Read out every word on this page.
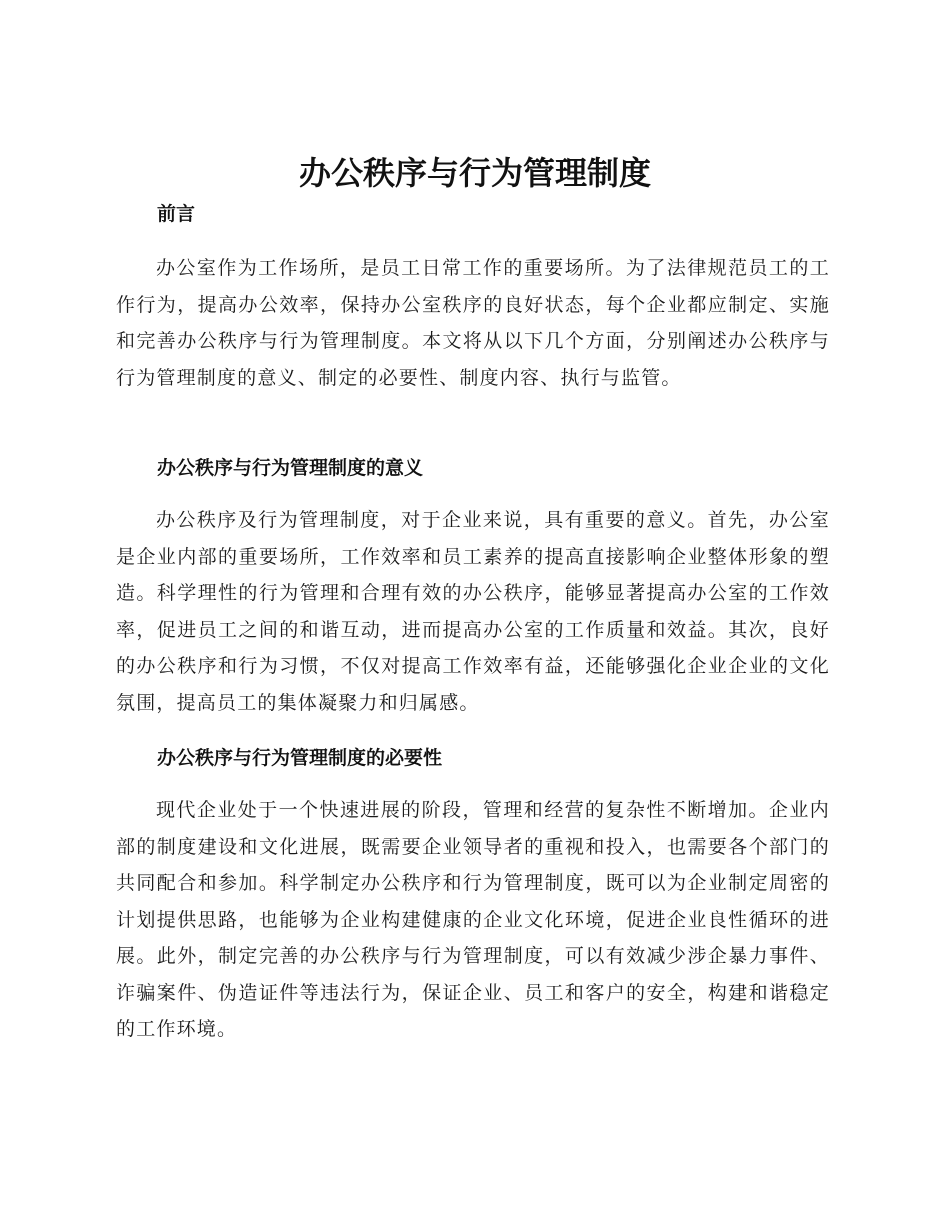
办公秩序与行为管理制度
前言

办公室作为工作场所，是员工日常工作的重要场所。为了法律规范员工的工作行为，提高办公效率，保持办公室秩序的良好状态，每个企业都应制定、实施和完善办公秩序与行为管理制度。本文将从以下几个方面，分别阐述办公秩序与行为管理制度的意义、制定的必要性、制度内容、执行与监管。

办公秩序与行为管理制度的意义

办公秩序及行为管理制度，对于企业来说，具有重要的意义。首先，办公室是企业内部的重要场所，工作效率和员工素养的提高直接影响企业整体形象的塑造。科学理性的行为管理和合理有效的办公秩序，能够显著提高办公室的工作效率，促进员工之间的和谐互动，进而提高办公室的工作质量和效益。其次，良好的办公秩序和行为习惯，不仅对提高工作效率有益，还能够强化企业企业的文化氛围，提高员工的集体凝聚力和归属感。

办公秩序与行为管理制度的必要性

现代企业处于一个快速进展的阶段，管理和经营的复杂性不断增加。企业内部的制度建设和文化进展，既需要企业领导者的重视和投入，也需要各个部门的共同配合和参加。科学制定办公秩序和行为管理制度，既可以为企业制定周密的计划提供思路，也能够为企业构建健康的企业文化环境，促进企业良性循环的进展。此外，制定完善的办公秩序与行为管理制度，可以有效减少涉企暴力事件、诈骗案件、伪造证件等违法行为，保证企业、员工和客户的安全，构建和谐稳定的工作环境。
